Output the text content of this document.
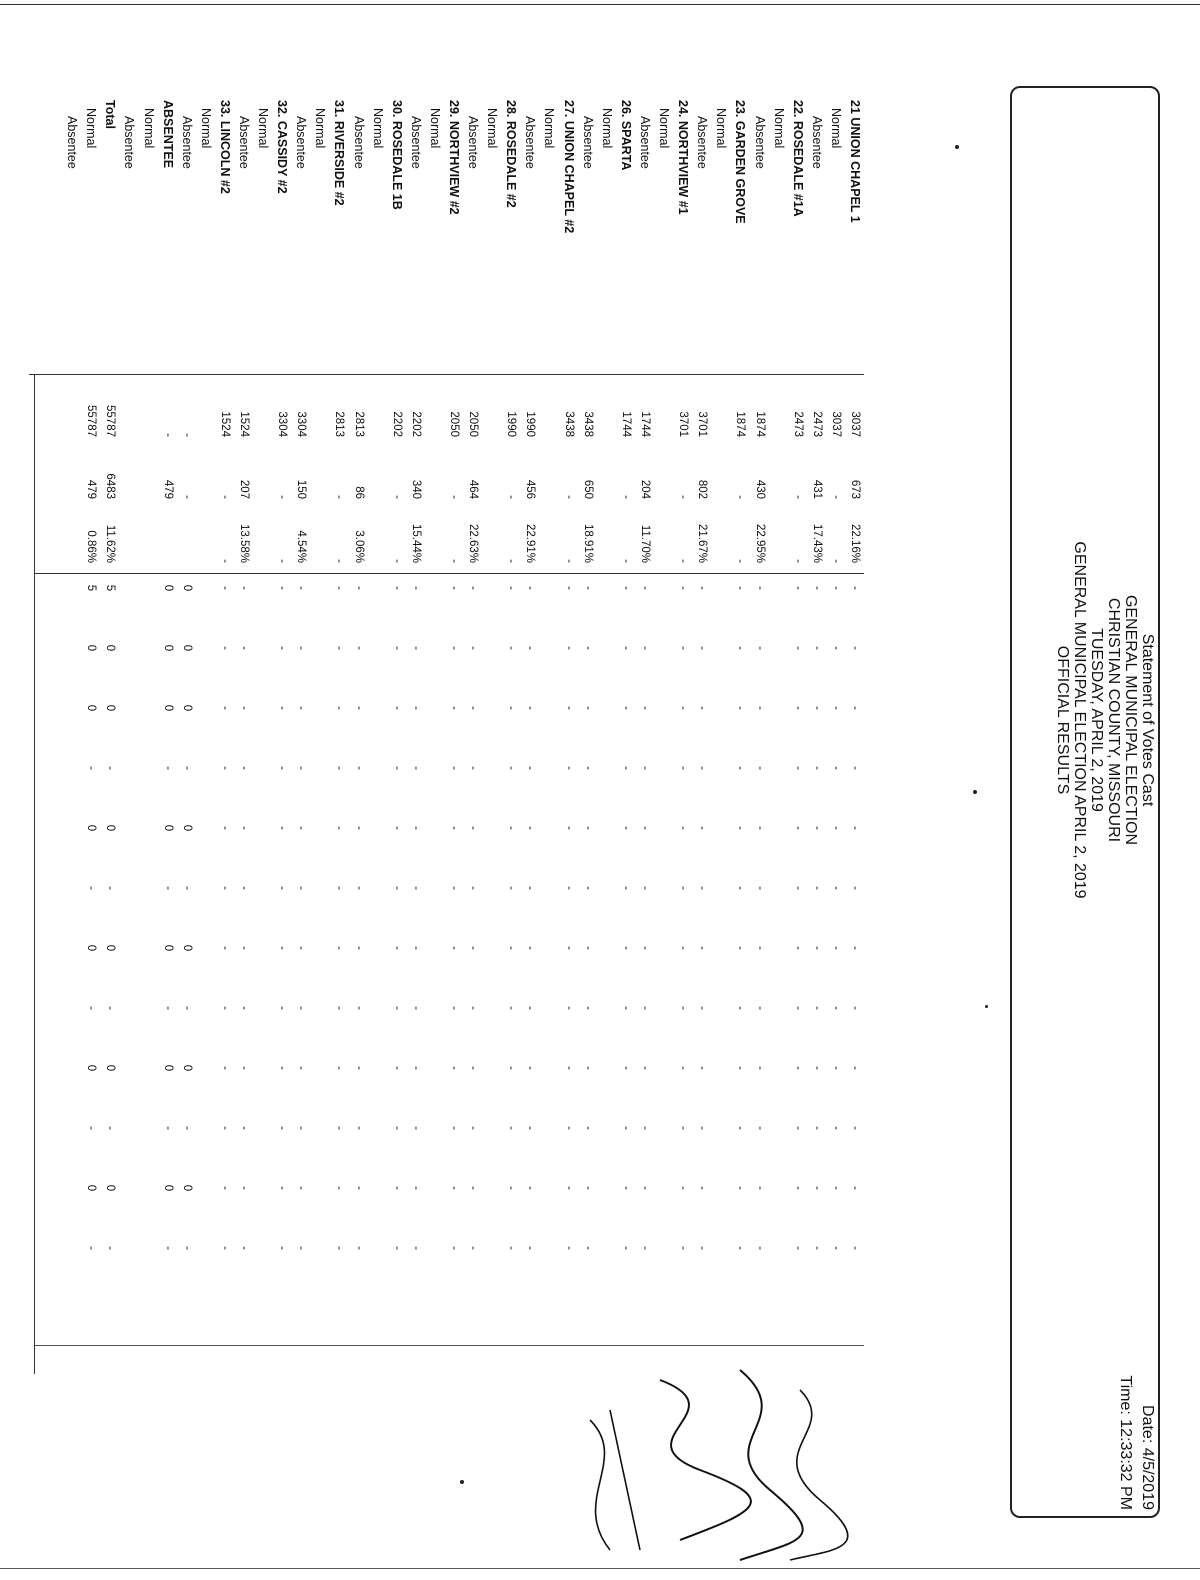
Statement of Votes Cast
GENERAL MUNICIPAL ELECTION
CHRISTIAN COUNTY, MISSOURI
TUESDAY, APRIL 2, 2019
GENERAL MUNICIPAL ELECTION APRIL 2, 2019
OFFICIAL RESULTS
Date: 4/5/2019
Time: 12:33:32 PM
21 UNION CHAPEL 1
Normal
Absentee
22. ROSEDALE #1A
Normal
Absentee
23. GARDEN GROVE
Normal
Absentee
24. NORTHVIEW #1
Normal
Absentee
26. SPARTA
Normal
Absentee
27. UNION CHAPEL #2
Normal
Absentee
28. ROSEDALE #2
Normal
Absentee
29. NORTHVIEW #2
Normal
Absentee
30. ROSEDALE 1B
Normal
Absentee
31. RIVERSIDE #2
Normal
Absentee
32. CASSIDY #2
Normal
Absentee
33. LINCOLN #2
Normal
Absentee
ABSENTEE
Normal
Absentee
Total
Normal
Absentee
3037
673
22.16%
-
-
-
-
-
-
-
-
-
-
-
-
3037
-
-
-
-
-
-
-
-
-
-
-
-
-
-
2473
431
17.43%
-
-
-
-
-
-
-
-
-
-
-
-
2473
-
-
-
-
-
-
-
-
-
-
-
-
-
-
1874
430
22.95%
-
-
-
-
-
-
-
-
-
-
-
-
1874
-
-
-
-
-
-
-
-
-
-
-
-
-
-
3701
802
21.67%
-
-
-
-
-
-
-
-
-
-
-
-
3701
-
-
-
-
-
-
-
-
-
-
-
-
-
-
1744
204
11.70%
-
-
-
-
-
-
-
-
-
-
-
-
1744
-
-
-
-
-
-
-
-
-
-
-
-
-
-
3438
650
18.91%
-
-
-
-
-
-
-
-
-
-
-
-
3438
-
-
-
-
-
-
-
-
-
-
-
-
-
-
1990
456
22.91%
-
-
-
-
-
-
-
-
-
-
-
-
1990
-
-
-
-
-
-
-
-
-
-
-
-
-
-
2050
464
22.63%
-
-
-
-
-
-
-
-
-
-
-
-
2050
-
-
-
-
-
-
-
-
-
-
-
-
-
-
2202
340
15.44%
-
-
-
-
-
-
-
-
-
-
-
-
2202
-
-
-
-
-
-
-
-
-
-
-
-
-
-
2813
86
3.06%
-
-
-
-
-
-
-
-
-
-
-
-
2813
-
-
-
-
-
-
-
-
-
-
-
-
-
-
3304
150
4.54%
-
-
-
-
-
-
-
-
-
-
-
-
3304
-
-
-
-
-
-
-
-
-
-
-
-
-
-
1524
207
13.58%
-
-
-
-
-
-
-
-
-
-
-
-
1524
-
-
-
-
-
-
-
-
-
-
-
-
-
-
-
-
0
0
0
-
0
-
0
-
0
-
0
-
-
479
0
0
0
-
0
-
0
-
0
-
0
-
55787
6483
11.62%
5
0
0
-
0
-
0
-
0
-
0
-
55787
479
0.86%
5
0
0
-
0
-
0
-
0
-
0
-
